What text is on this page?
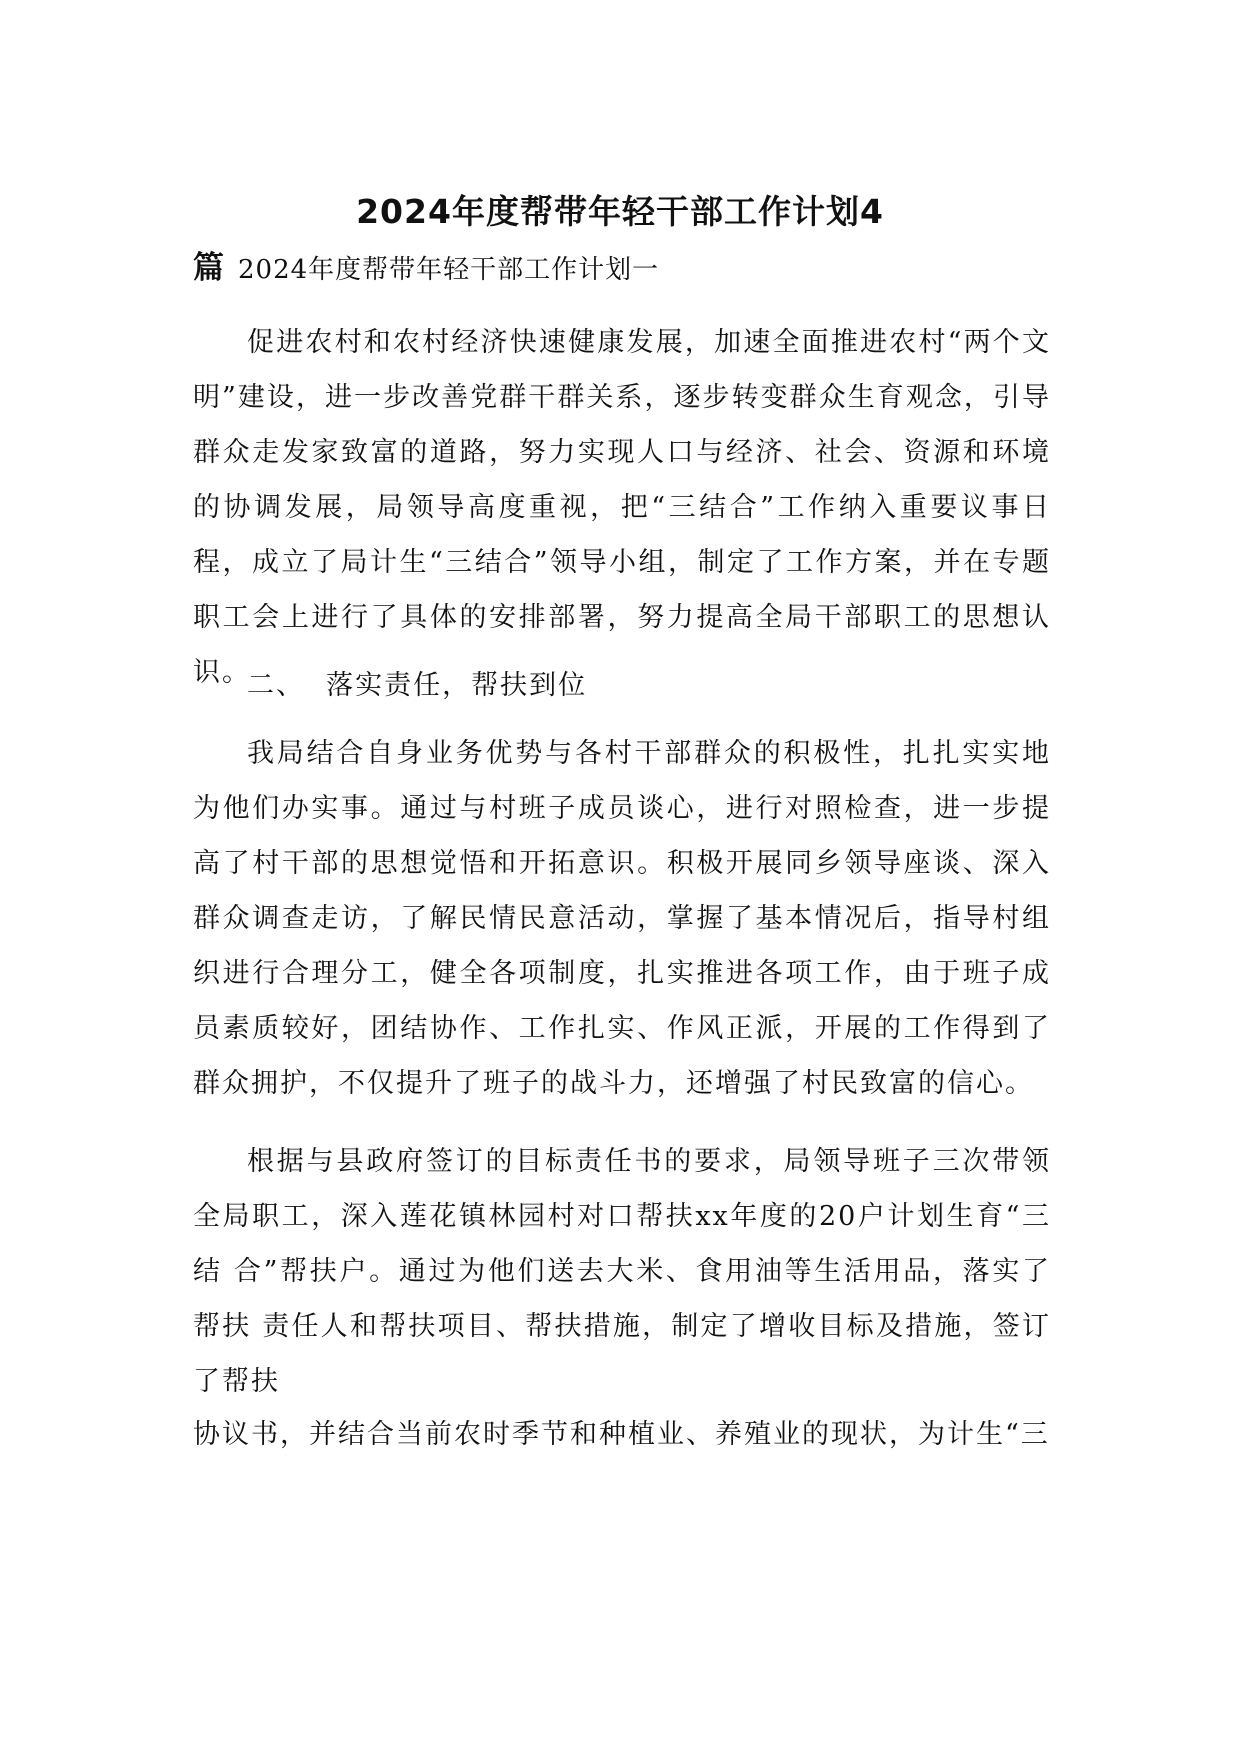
2024年度帮带年轻干部工作计划4
篇 2024年度帮带年轻干部工作计划一

促进农村和农村经济快速健康发展，加速全面推进农村“两个文明”建设，进一步改善党群干群关系，逐步转变群众生育观念，引导群众走发家致富的道路，努力实现人口与经济、社会、资源和环境的协调发展，局领导高度重视，把“三结合”工作纳入重要议事日程，成立了局计生“三结合”领导小组，制定了工作方案，并在专题职工会上进行了具体的安排部署，努力提高全局干部职工的思想认识。

二、  落实责任，帮扶到位

我局结合自身业务优势与各村干部群众的积极性，扎扎实实地为他们办实事。通过与村班子成员谈心，进行对照检查，进一步提高了村干部的思想觉悟和开拓意识。积极开展同乡领导座谈、深入群众调查走访，了解民情民意活动，掌握了基本情况后，指导村组织进行合理分工，健全各项制度，扎实推进各项工作，由于班子成员素质较好，团结协作、工作扎实、作风正派，开展的工作得到了群众拥护，不仅提升了班子的战斗力，还增强了村民致富的信心。

根据与县政府签订的目标责任书的要求，局领导班子三次带领全局职工，深入莲花镇林园村对口帮扶xx年度的20户计划生育“三结 合”帮扶户。通过为他们送去大米、食用油等生活用品，落实了帮扶 责任人和帮扶项目、帮扶措施，制定了增收目标及措施，签订了帮扶

协议书，并结合当前农时季节和种植业、养殖业的现状，为计生“三
